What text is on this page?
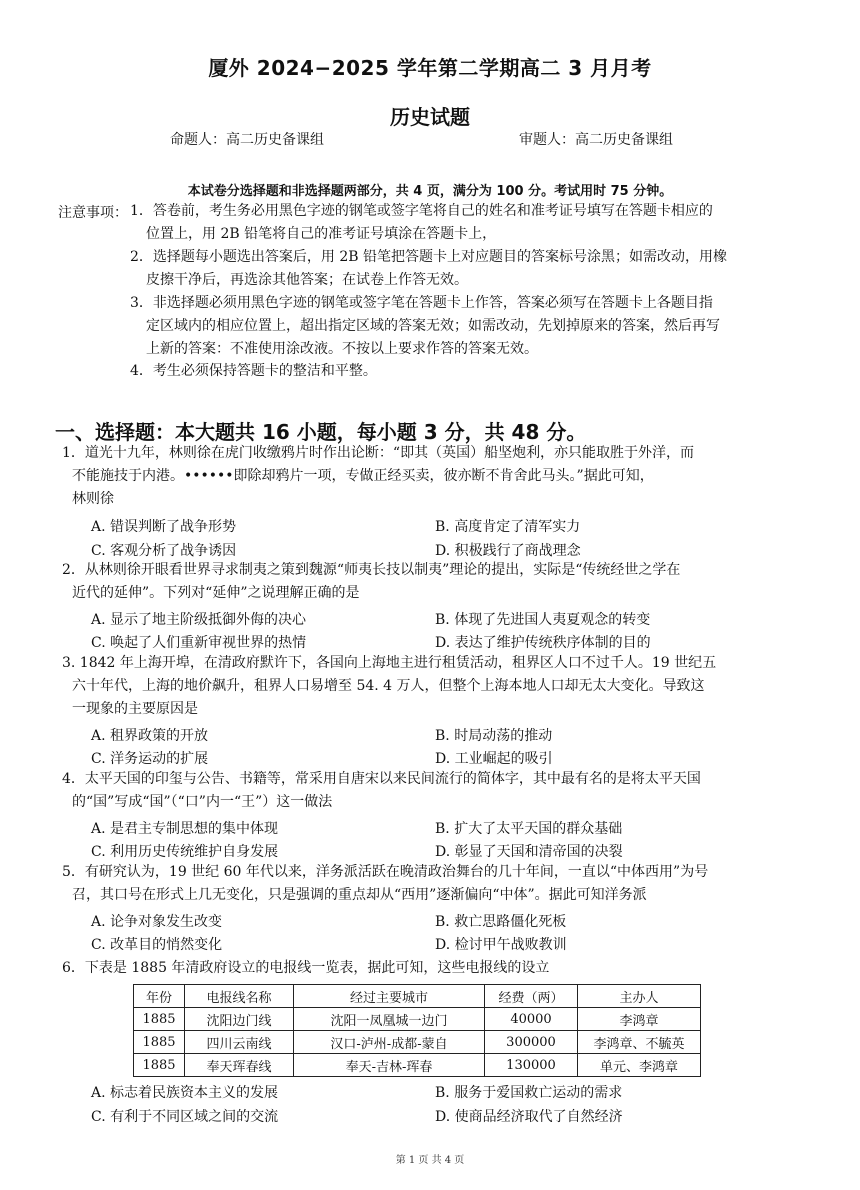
厦外 2024−2025 学年第二学期高二 3 月月考
历史试题
命题人：高二历史备课组	审题人：高二历史备课组
本试卷分选择题和非选择题两部分，共 4 页，满分为 100 分。考试用时 75 分钟。
注意事项： 1．答卷前，考生务必用黑色字迹的钢笔或签字笔将自己的姓名和准考证号填写在答题卡相应的
位置上，用 2B 铅笔将自己的准考证号填涂在答题卡上，
2．选择题每小题选出答案后，用 2B 铅笔把答题卡上对应题目的答案标号涂黑；如需改动，用橡
皮擦干净后，再选涂其他答案；在试卷上作答无效。
3．非选择题必须用黑色字迹的钢笔或签字笔在答题卡上作答，答案必须写在答题卡上各题目指
定区域内的相应位置上，超出指定区域的答案无效；如需改动，先划掉原来的答案，然后再写
上新的答案：不准使用涂改液。不按以上要求作答的答案无效。
4．考生必须保持答题卡的整洁和平整。
一、选择题：本大题共 16 小题，每小题 3 分，共 48 分。
1．道光十九年，林则徐在虎门收缴鸦片时作出论断：“即其（英国）船坚炮利，亦只能取胜于外洋，而
不能施技于内港。••••••即除却鸦片一项，专做正经买卖，彼亦断不肯舍此马头。”据此可知，
林则徐
A. 错误判断了战争形势	B. 高度肯定了清军实力
C. 客观分析了战争诱因	D. 积极践行了商战理念
2．从林则徐开眼看世界寻求制夷之策到魏源“师夷长技以制夷”理论的提出，实际是“传统经世之学在
近代的延伸”。下列对“延伸”之说理解正确的是
A. 显示了地主阶级抵御外侮的决心	B. 体现了先进国人夷夏观念的转变
C. 唤起了人们重新审视世界的热情	D. 表达了维护传统秩序体制的目的
3. 1842 年上海开埠，在清政府默许下，各国向上海地主进行租赁活动，租界区人口不过千人。19 世纪五
六十年代，上海的地价飙升，租界人口易增至 54. 4 万人，但整个上海本地人口却无太大变化。导致这
一现象的主要原因是
A. 租界政策的开放	B. 时局动荡的推动
C. 洋务运动的扩展	D. 工业崛起的吸引
4．太平天国的印玺与公告、书籍等，常采用自唐宋以来民间流行的简体字，其中最有名的是将太平天国
的“国”写成“国”（“口”内一“王”）这一做法
A. 是君主专制思想的集中体现	B. 扩大了太平天国的群众基础
C. 利用历史传统维护自身发展	D. 彰显了天国和清帝国的决裂
5．有研究认为，19 世纪 60 年代以来，洋务派活跃在晚清政治舞台的几十年间，一直以“中体西用”为号
召，其口号在形式上几无变化，只是强调的重点却从“西用”逐渐偏向“中体”。据此可知洋务派
A. 论争对象发生改变	B. 救亡思路僵化死板
C. 改革目的悄然变化	D. 检讨甲午战败教训
6．下表是 1885 年清政府设立的电报线一览表，据此可知，这些电报线的设立
年份	电报线名称	经过主要城市	经费（两）	主办人
1885	沈阳边门线	沈阳一凤凰城一边门	40000	李鸿章
1885	四川云南线	汉口-泸州-成都-蒙自	300000	李鸿章、不毓英
1885	奉天珲春线	奉天-吉林-珲春	130000	单元、李鸿章
A. 标志着民族资本主义的发展	B. 服务于爱国救亡运动的需求
C. 有利于不同区域之间的交流	D. 使商品经济取代了自然经济
第 1 页 共 4 页
